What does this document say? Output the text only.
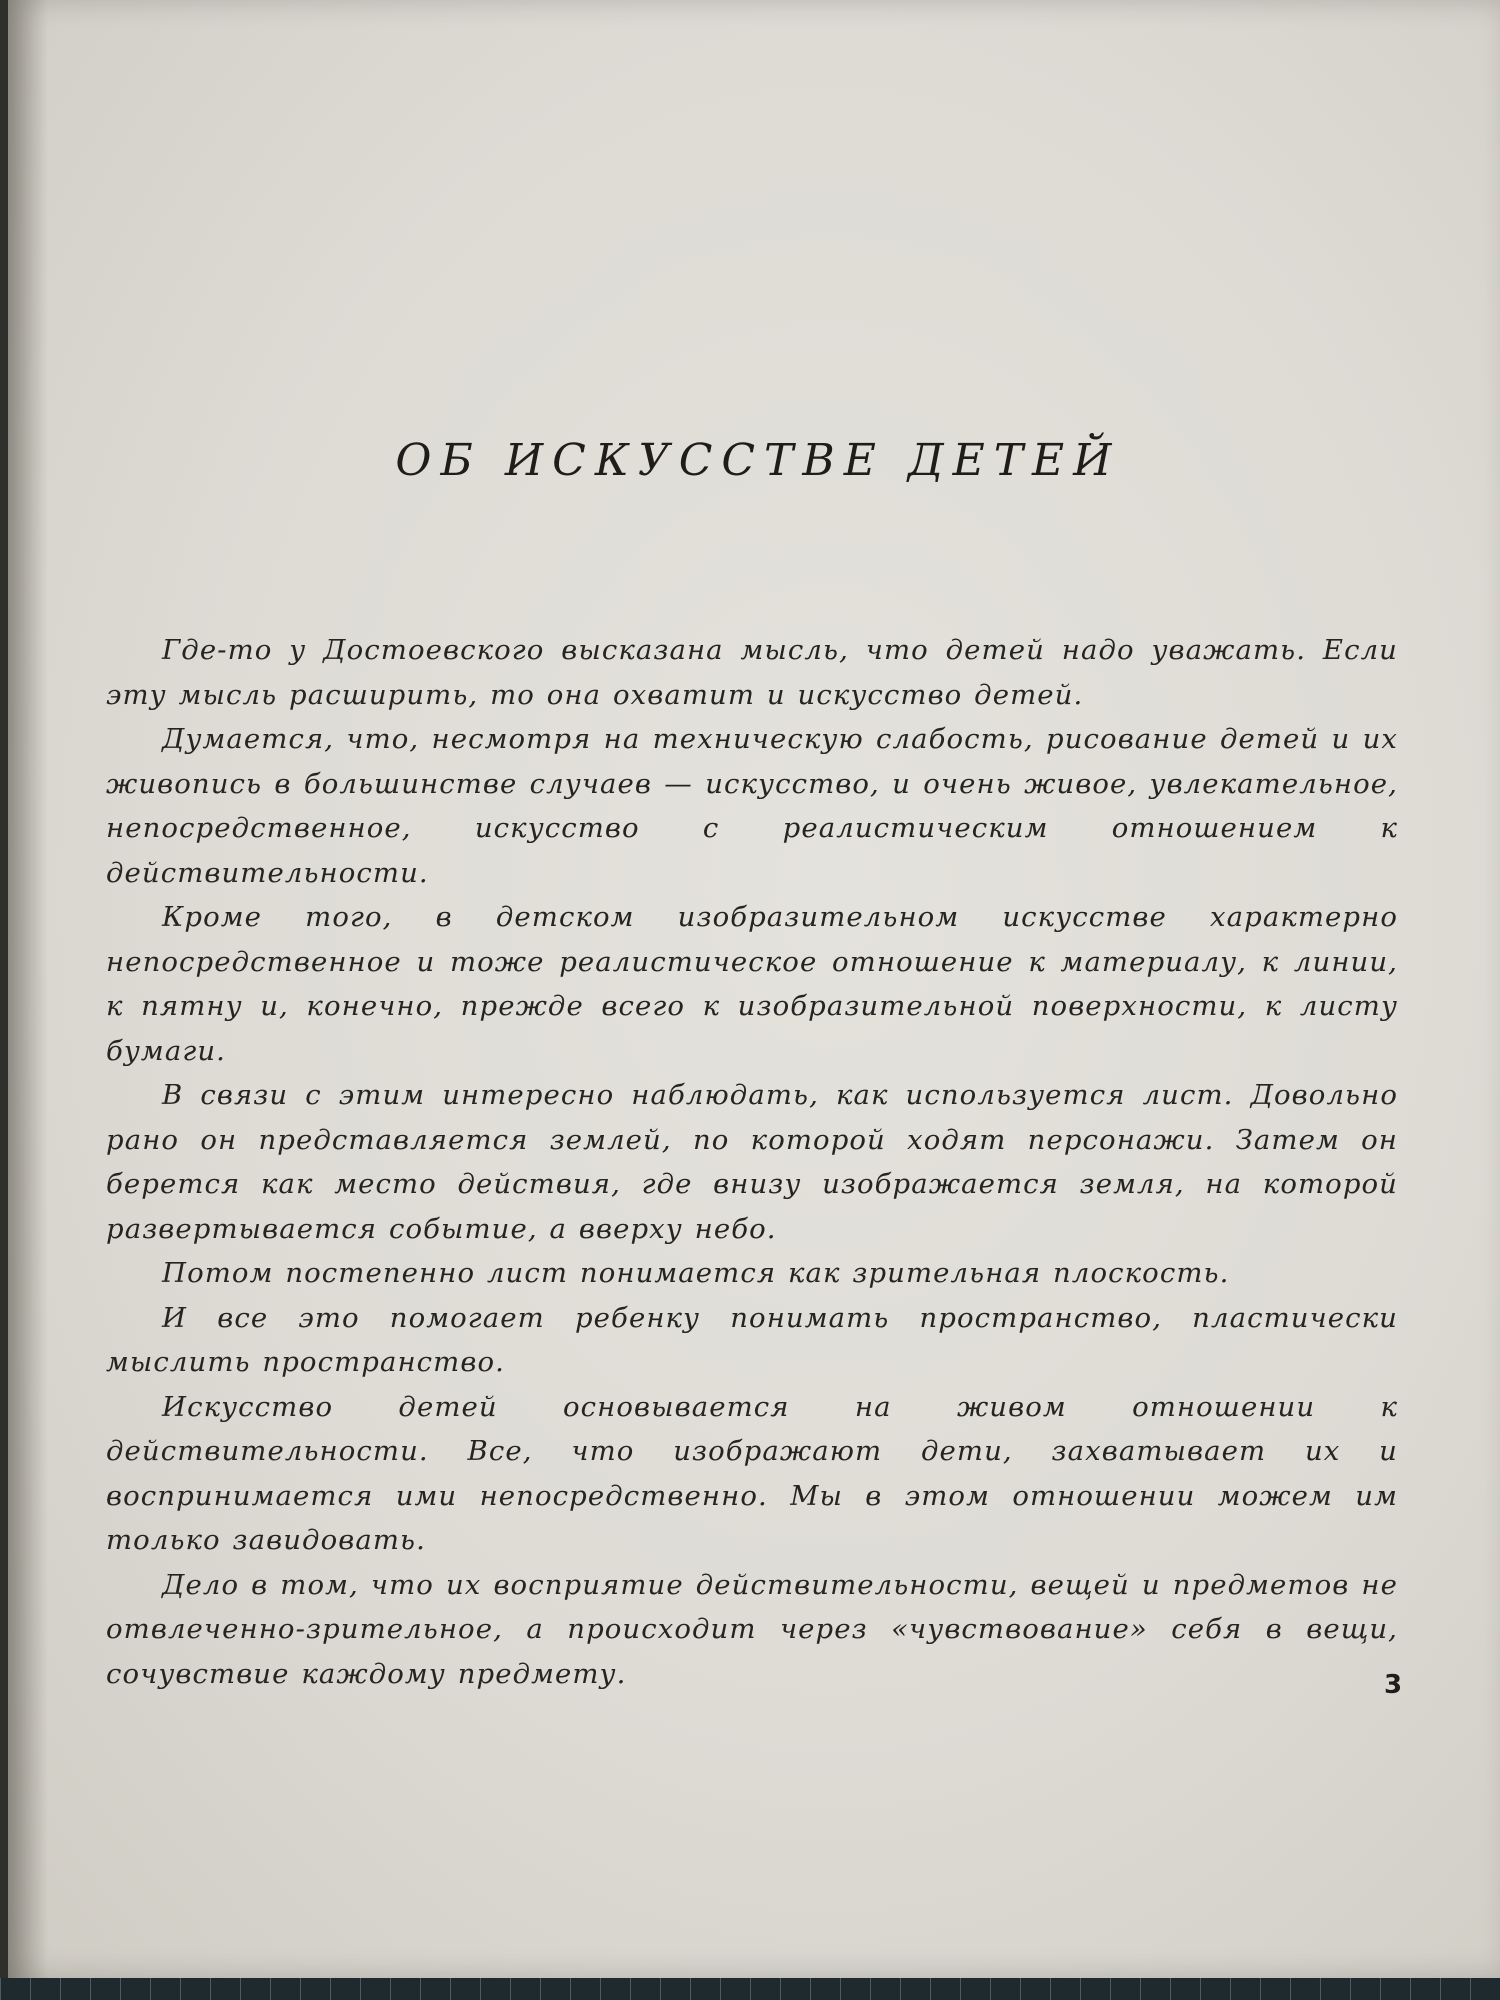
ОБ ИСКУССТВЕ ДЕТЕЙ

Где-то у Достоевского высказана мысль, что детей надо уважать. Если эту мысль расширить, то она охватит и искусство детей.

Думается, что, несмотря на техническую слабость, рисование детей и их живопись в большинстве случаев — искусство, и очень живое, увлекательное, непосредственное, искусство с реалистическим отношением к действительности.

Кроме того, в детском изобразительном искусстве характерно непосредственное и тоже реалистическое отношение к материалу, к линии, к пятну и, конечно, прежде всего к изобразительной поверхности, к листу бумаги.

В связи с этим интересно наблюдать, как используется лист. Довольно рано он представляется землей, по которой ходят персонажи. Затем он берется как место действия, где внизу изображается земля, на которой развертывается событие, а вверху небо.

Потом постепенно лист понимается как зрительная плоскость.

И все это помогает ребенку понимать пространство, пластически мыслить пространство.

Искусство детей основывается на живом отношении к действительности. Все, что изображают дети, захватывает их и воспринимается ими непосредственно. Мы в этом отношении можем им только завидовать.

Дело в том, что их восприятие действительности, вещей и предметов не отвлеченно-зрительное, а происходит через «чувствование» себя в вещи, сочувствие каждому предмету.	3
